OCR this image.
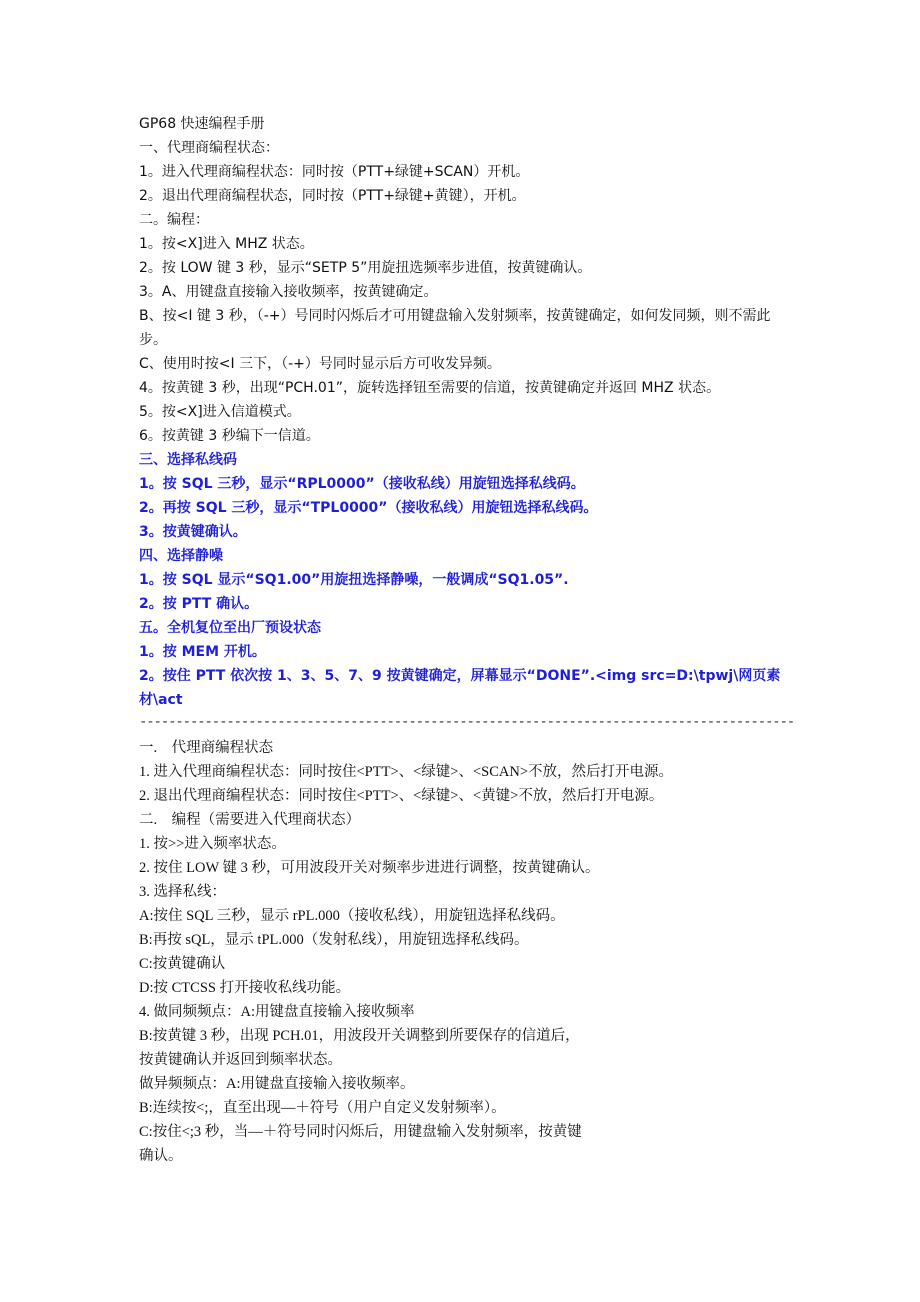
GP68 快速编程手册

一、代理商编程状态：

1。进入代理商编程状态：同时按（PTT+绿键+SCAN）开机。

2。退出代理商编程状态，同时按（PTT+绿键+黄键），开机。

二。编程：

1。按<X]进入 MHZ 状态。

2。按 LOW 键 3 秒，显示“SETP 5”用旋扭选频率步进值，按黄键确认。

3。A、用键盘直接输入接收频率，按黄键确定。

B、按<I 键 3 秒，（-+）号同时闪烁后才可用键盘输入发射频率，按黄键确定，如何发同频，则不需此步。

C、使用时按<I 三下，（-+）号同时显示后方可收发异频。

4。按黄键 3 秒，出现“PCH.01”，旋转选择钮至需要的信道，按黄键确定并返回 MHZ 状态。

5。按<X]进入信道模式。

6。按黄键 3 秒编下一信道。

三、选择私线码

1。按 SQL 三秒，显示“RPL0000”（接收私线）用旋钮选择私线码。

2。再按 SQL 三秒，显示“TPL0000”（接收私线）用旋钮选择私线码。

3。按黄键确认。

四、选择静噪

1。按 SQL 显示“SQ1.00”用旋扭选择静噪，一般调成“SQ1.05”.

2。按 PTT 确认。

五。全机复位至出厂预设状态

1。按 MEM 开机。

2。按住 PTT 依次按 1、3、5、7、9 按黄键确定，屏幕显示“DONE”.<img src=D:\tpwj\网页素材\act

------------------------------------------------------------------------------------------

一.　代理商编程状态

1. 进入代理商编程状态：同时按住<PTT>、<绿键>、<SCAN>不放，然后打开电源。

2. 退出代理商编程状态：同时按住<PTT>、<绿键>、<黄键>不放，然后打开电源。

二.　编程（需要进入代理商状态）

1. 按>>进入频率状态。

2. 按住 LOW 键 3 秒，可用波段开关对频率步进进行调整，按黄键确认。

3. 选择私线：

A:按住 SQL 三秒，显示 rPL.000（接收私线），用旋钮选择私线码。

B:再按 sQL，显示 tPL.000（发射私线），用旋钮选择私线码。

C:按黄键确认

D:按 CTCSS 打开接收私线功能。

4. 做同频频点：A:用键盘直接输入接收频率

B:按黄键 3 秒，出现 PCH.01，用波段开关调整到所要保存的信道后，

按黄键确认并返回到频率状态。

做异频频点：A:用键盘直接输入接收频率。

B:连续按<;，直至出现—＋符号（用户自定义发射频率）。

C:按住<;3 秒，当—＋符号同时闪烁后，用键盘输入发射频率，按黄键

确认。
